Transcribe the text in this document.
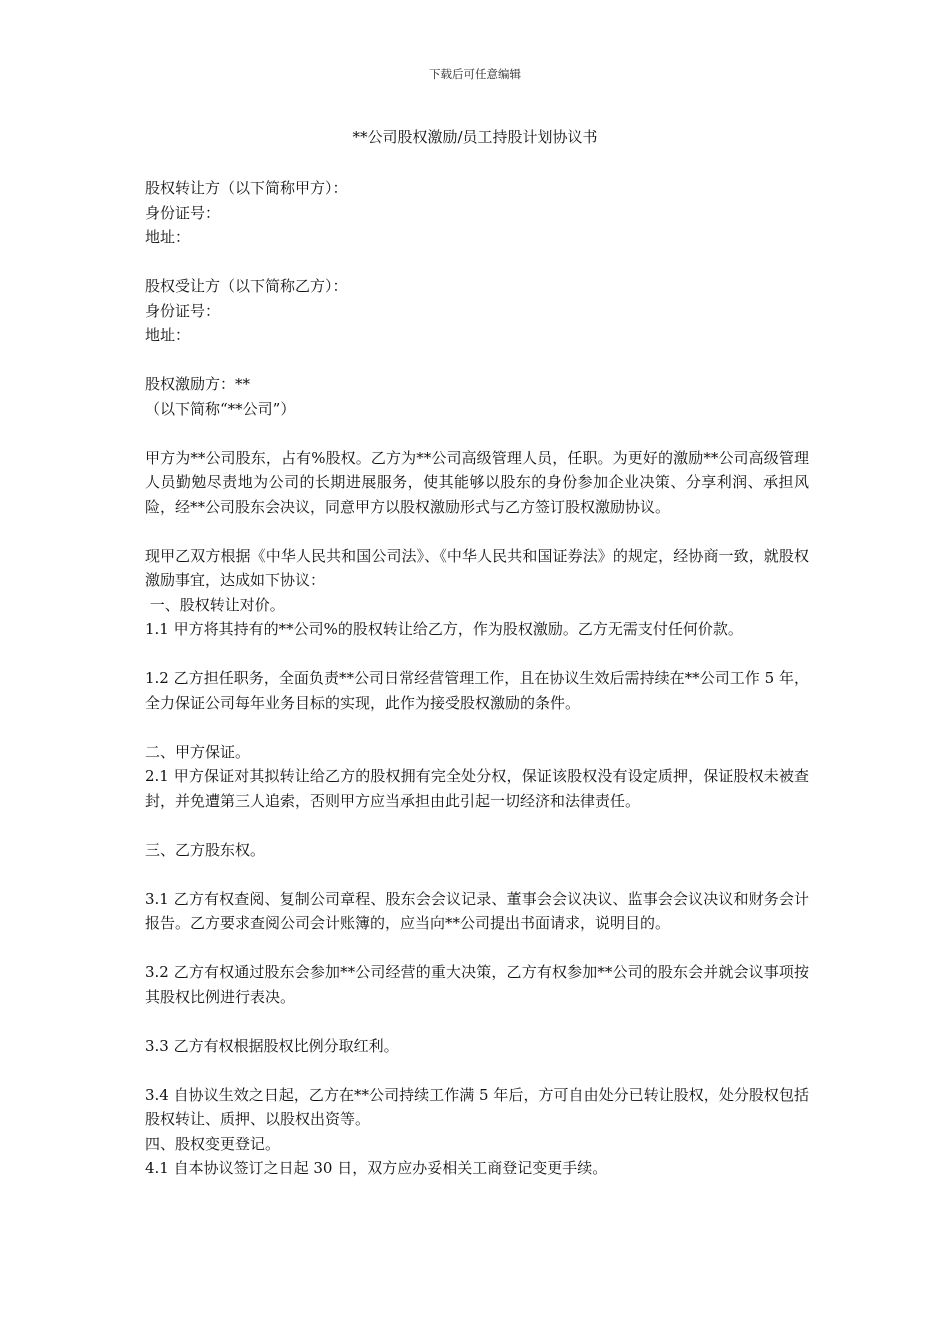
下载后可任意编辑
**公司股权激励/员工持股计划协议书

股权转让方（以下简称甲方）：

身份证号：

地址：

股权受让方（以下简称乙方）：

身份证号：

地址：

股权激励方：**

（以下简称“**公司”）

甲方为**公司股东，占有%股权。乙方为**公司高级管理人员，任职。为更好的激励**公司高级管理人员勤勉尽责地为公司的长期进展服务，使其能够以股东的身份参加企业决策、分享利润、承担风险，经**公司股东会决议，同意甲方以股权激励形式与乙方签订股权激励协议。

现甲乙双方根据《中华人民共和国公司法》、《中华人民共和国证券法》的规定，经协商一致，就股权激励事宜，达成如下协议：

一、股权转让对价。

1.1 甲方将其持有的**公司%的股权转让给乙方，作为股权激励。乙方无需支付任何价款。

1.2 乙方担任职务，全面负责**公司日常经营管理工作，且在协议生效后需持续在**公司工作 5 年，全力保证公司每年业务目标的实现，此作为接受股权激励的条件。

二、甲方保证。

2.1 甲方保证对其拟转让给乙方的股权拥有完全处分权，保证该股权没有设定质押，保证股权未被查封，并免遭第三人追索，否则甲方应当承担由此引起一切经济和法律责任。

三、乙方股东权。

3.1 乙方有权查阅、复制公司章程、股东会会议记录、董事会会议决议、监事会会议决议和财务会计报告。乙方要求查阅公司会计账簿的，应当向**公司提出书面请求，说明目的。

3.2 乙方有权通过股东会参加**公司经营的重大决策，乙方有权参加**公司的股东会并就会议事项按其股权比例进行表决。

3.3 乙方有权根据股权比例分取红利。

3.4 自协议生效之日起，乙方在**公司持续工作满 5 年后，方可自由处分已转让股权，处分股权包括股权转让、质押、以股权出资等。

四、股权变更登记。

4.1 自本协议签订之日起 30 日，双方应办妥相关工商登记变更手续。
